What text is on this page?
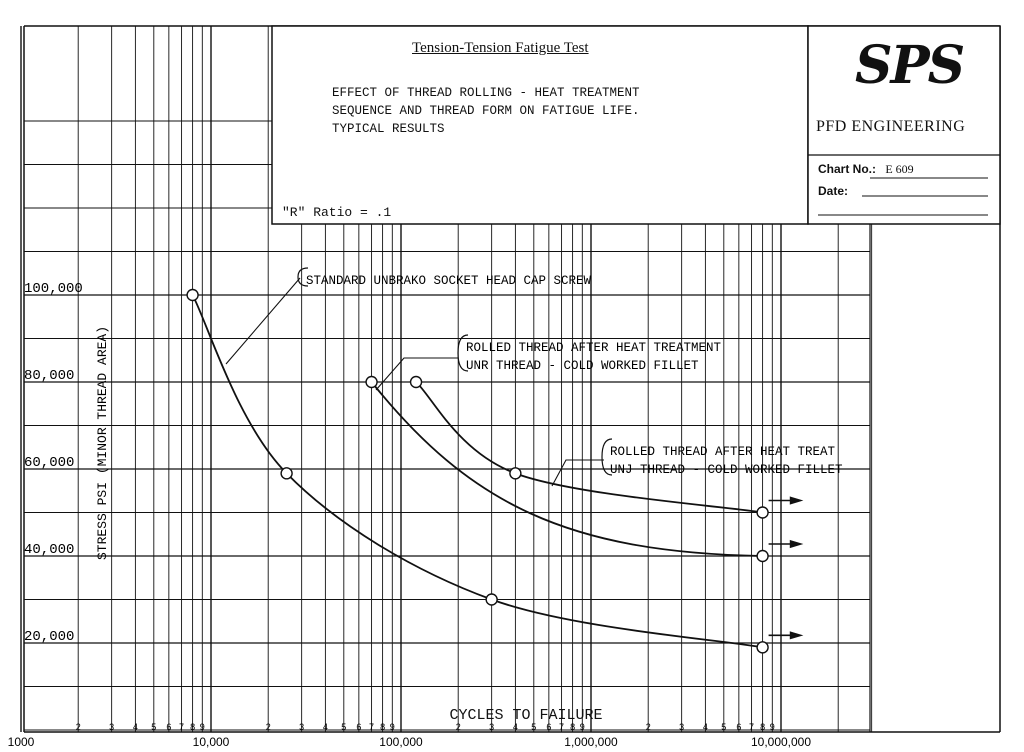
20,000
40,000
60,000
80,000
100,000
STRESS PSI (MINOR THREAD AREA)
1000	10,000	100,000	1,000,000	10,000,000
2	3 4 5 6 7 8 9	2	3 4 5 6 7 8 9	2	3 4 5 6 7 8 9	2	3 4 5 6 7 8 9
CYCLES TO FAILURE
STANDARD UNBRAKO SOCKET HEAD CAP SCREW
ROLLED THREAD AFTER HEAT TREATMENT
UNR THREAD - COLD WORKED FILLET
ROLLED THREAD AFTER HEAT TREAT
UNJ THREAD - COLD WORKED FILLET
Tension-Tension Fatigue Test
EFFECT OF THREAD ROLLING - HEAT TREATMENT
SEQUENCE AND THREAD FORM ON FATIGUE LIFE.
TYPICAL RESULTS
"R" Ratio = .1
SPS
PFD ENGINEERING
Chart No.: E 609
Date:
